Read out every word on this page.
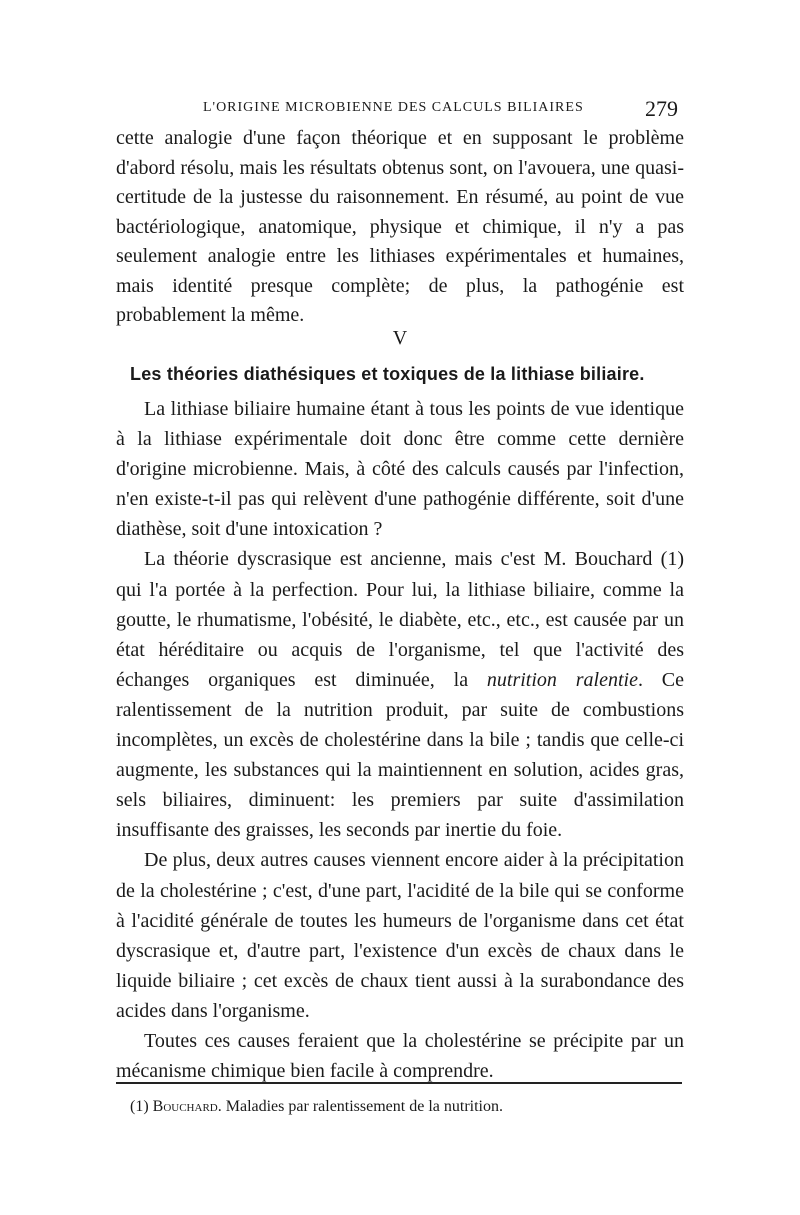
L'ORIGINE MICROBIENNE DES CALCULS BILIAIRES	279

cette analogie d'une façon théorique et en supposant le problème d'abord résolu, mais les résultats obtenus sont, on l'avouera, une quasi-certitude de la justesse du raisonnement. En résumé, au point de vue bactériologique, anatomique, physique et chimique, il n'y a pas seulement analogie entre les lithiases expérimentales et humaines, mais identité presque complète; de plus, la pathogénie est probablement la même.

V
Les théories diathésiques et toxiques de la lithiase biliaire.

La lithiase biliaire humaine étant à tous les points de vue identique à la lithiase expérimentale doit donc être comme cette dernière d'origine microbienne. Mais, à côté des calculs causés par l'infection, n'en existe-t-il pas qui relèvent d'une pathogénie différente, soit d'une diathèse, soit d'une intoxication ?

La théorie dyscrasique est ancienne, mais c'est M. Bouchard (1) qui l'a portée à la perfection. Pour lui, la lithiase biliaire, comme la goutte, le rhumatisme, l'obésité, le diabète, etc., etc., est causée par un état héréditaire ou acquis de l'organisme, tel que l'activité des échanges organiques est diminuée, la nutrition ralentie. Ce ralentissement de la nutrition produit, par suite de combustions incomplètes, un excès de cholestérine dans la bile ; tandis que celle-ci augmente, les substances qui la maintiennent en solution, acides gras, sels biliaires, diminuent: les premiers par suite d'assimilation insuffisante des graisses, les seconds par inertie du foie.

De plus, deux autres causes viennent encore aider à la précipitation de la cholestérine ; c'est, d'une part, l'acidité de la bile qui se conforme à l'acidité générale de toutes les humeurs de l'organisme dans cet état dyscrasique et, d'autre part, l'existence d'un excès de chaux dans le liquide biliaire ; cet excès de chaux tient aussi à la surabondance des acides dans l'organisme.

Toutes ces causes feraient que la cholestérine se précipite par un mécanisme chimique bien facile à comprendre.

(1) Bouchard. Maladies par ralentissement de la nutrition.
